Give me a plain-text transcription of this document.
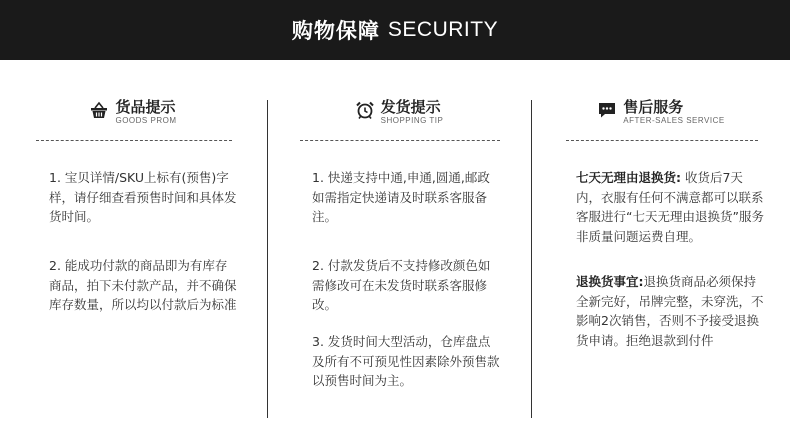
购物保障 SECURITY
货品提示
GOODS PROM

1. 宝贝详情/SKU上标有(预售)字样，请仔细查看预售时间和具体发货时间。

2. 能成功付款的商品即为有库存商品，拍下未付款产品，并不确保库存数量，所以均以付款后为标准

发货提示
SHOPPING TIP

1. 快递支持中通,申通,圆通,邮政如需指定快递请及时联系客服备注。

2. 付款发货后不支持修改颜色如需修改可在未发货时联系客服修改。

3. 发货时间大型活动，仓库盘点及所有不可预见性因素除外预售款以预售时间为主。

售后服务
AFTER-SALES SERVICE

七天无理由退换货: 收货后7天内，衣服有任何不满意都可以联系客服进行“七天无理由退换货”服务非质量问题运费自理。

退换货事宜:退换货商品必须保持全新完好，吊牌完整，未穿洗，不影响2次销售，否则不予接受退换货申请。拒绝退款到付件
